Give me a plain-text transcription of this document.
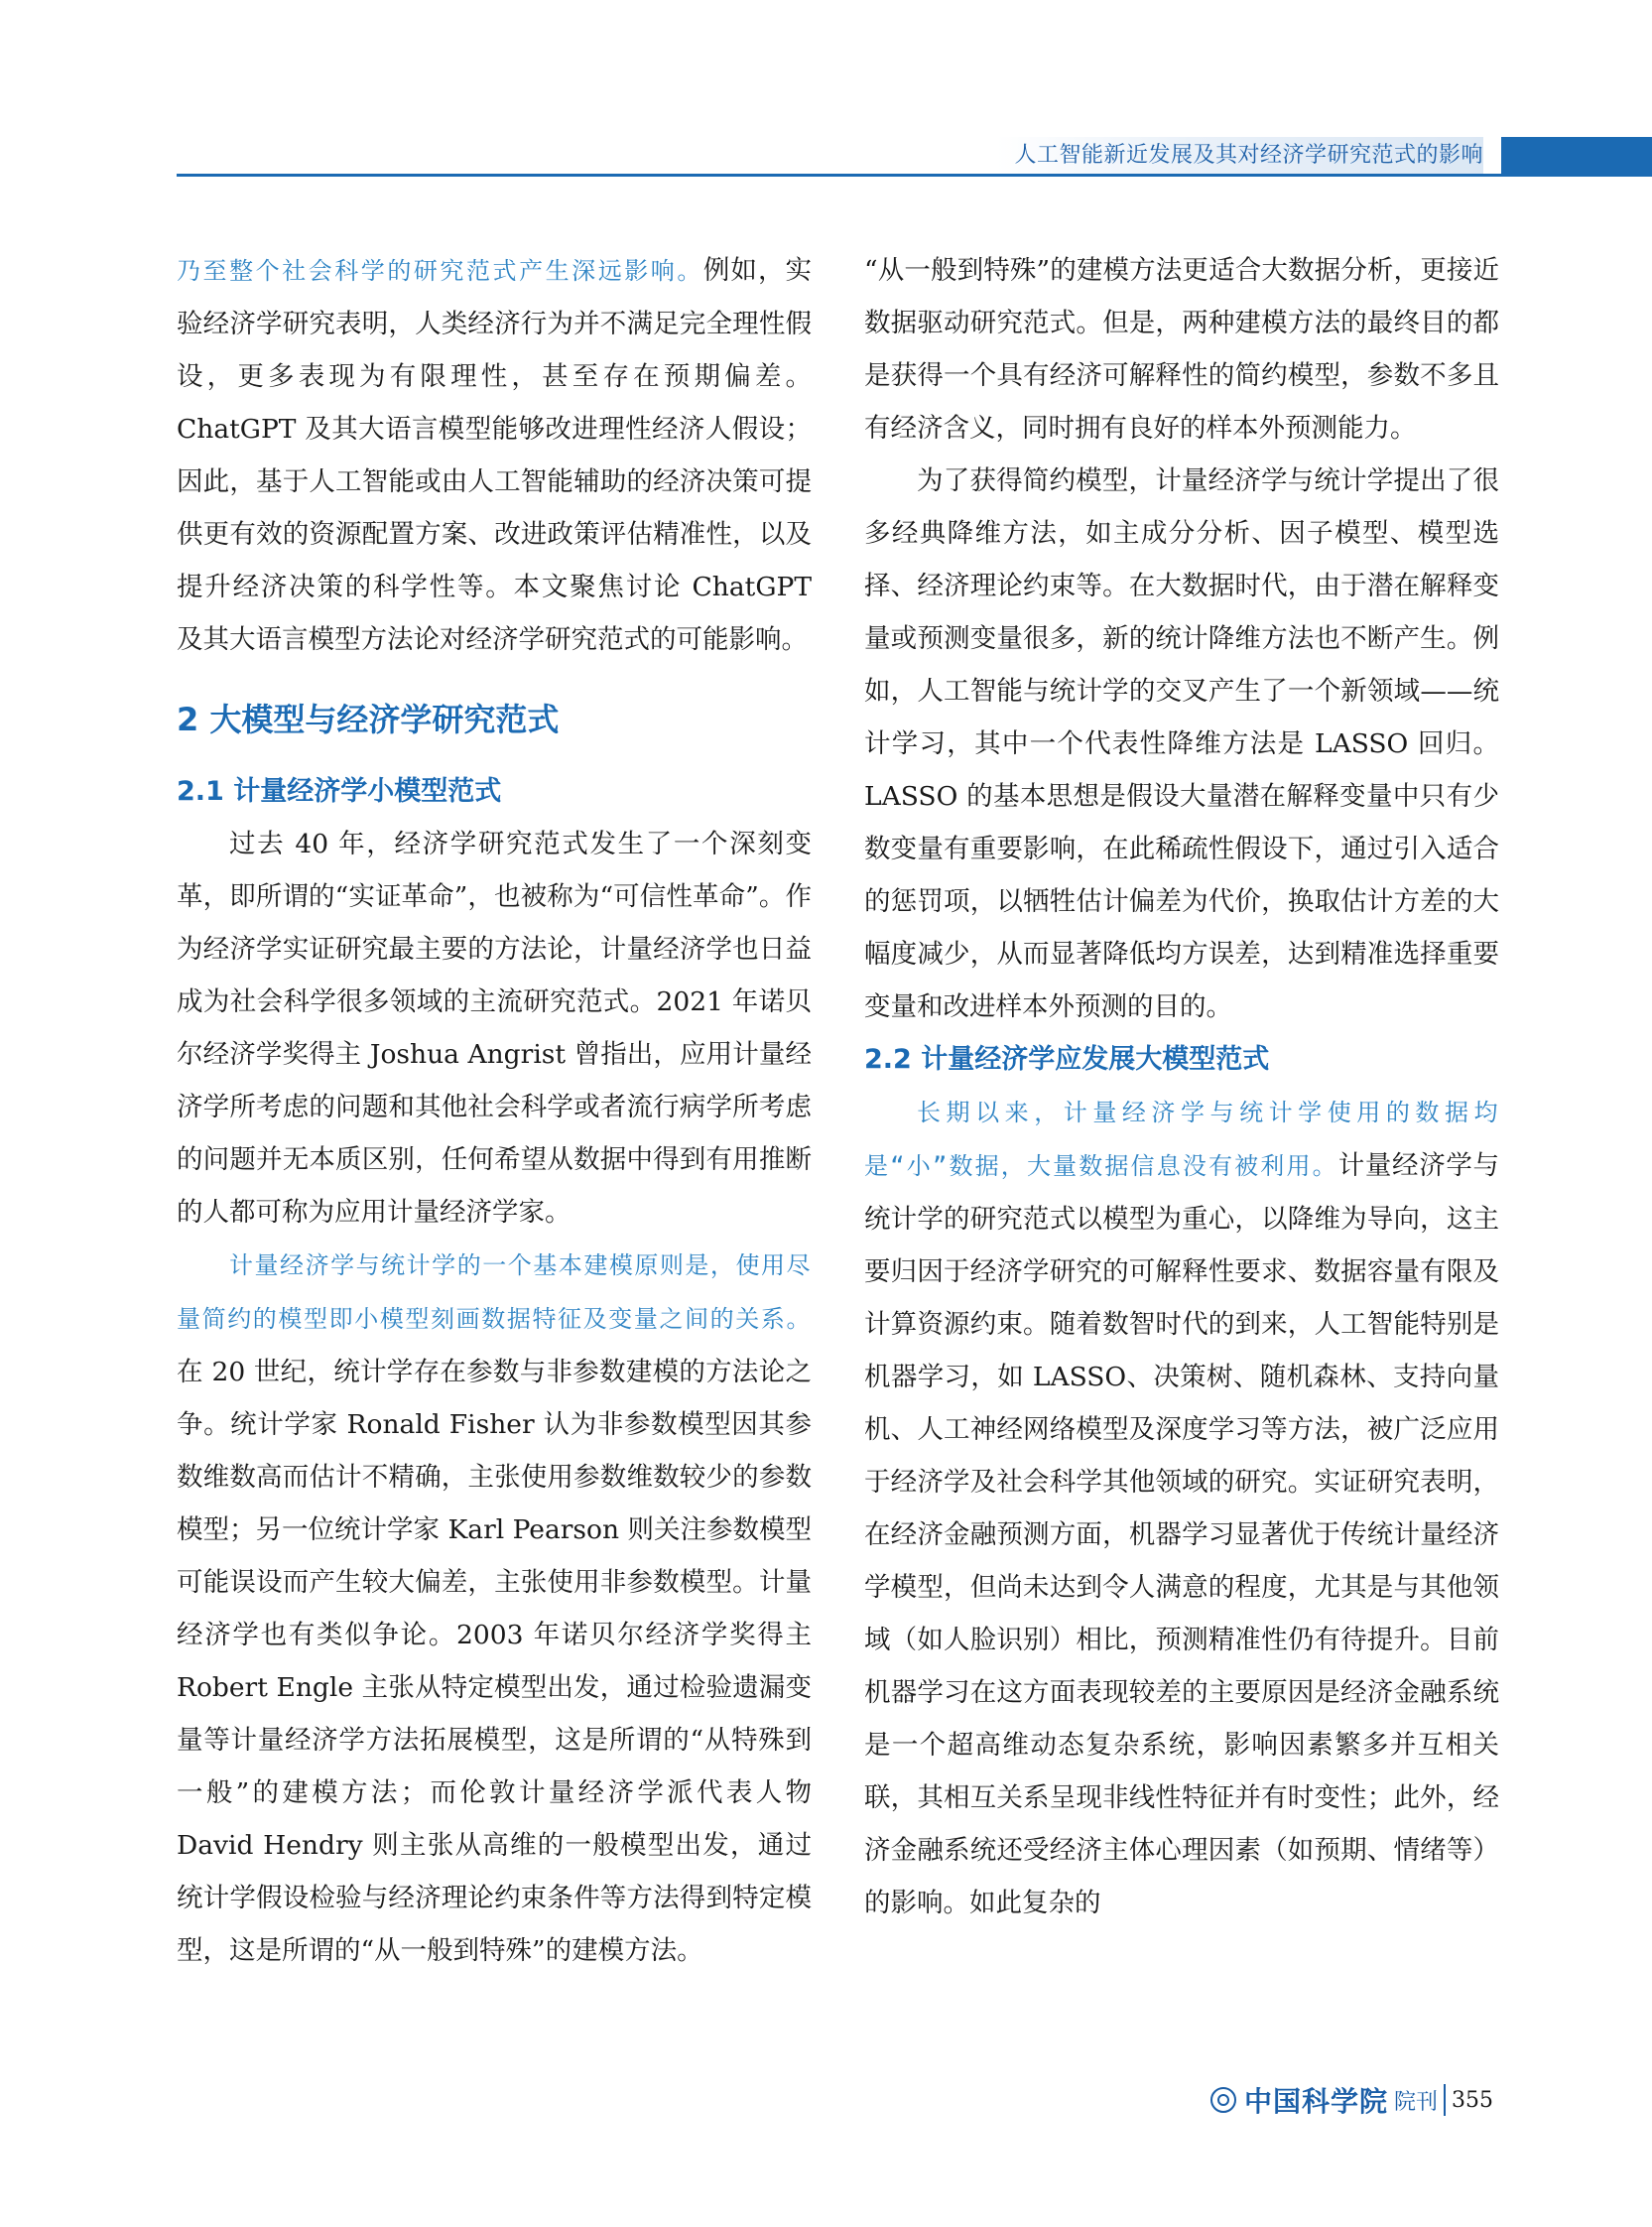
人工智能新近发展及其对经济学研究范式的影响

乃至整个社会科学的研究范式产生深远影响。例如，实验经济学研究表明，人类经济行为并不满足完全理性假设，更多表现为有限理性，甚至存在预期偏差。ChatGPT 及其大语言模型能够改进理性经济人假设；因此，基于人工智能或由人工智能辅助的经济决策可提供更有效的资源配置方案、改进政策评估精准性，以及提升经济决策的科学性等。本文聚焦讨论 ChatGPT 及其大语言模型方法论对经济学研究范式的可能影响。

2 大模型与经济学研究范式
2.1 计量经济学小模型范式

过去 40 年，经济学研究范式发生了一个深刻变革，即所谓的“实证革命”，也被称为“可信性革命”。作为经济学实证研究最主要的方法论，计量经济学也日益成为社会科学很多领域的主流研究范式。2021 年诺贝尔经济学奖得主 Joshua Angrist 曾指出，应用计量经济学所考虑的问题和其他社会科学或者流行病学所考虑的问题并无本质区别，任何希望从数据中得到有用推断的人都可称为应用计量经济学家。

计量经济学与统计学的一个基本建模原则是，使用尽量简约的模型即小模型刻画数据特征及变量之间的关系。在 20 世纪，统计学存在参数与非参数建模的方法论之争。统计学家 Ronald Fisher 认为非参数模型因其参数维数高而估计不精确，主张使用参数维数较少的参数模型；另一位统计学家 Karl Pearson 则关注参数模型可能误设而产生较大偏差，主张使用非参数模型。计量经济学也有类似争论。2003 年诺贝尔经济学奖得主 Robert Engle 主张从特定模型出发，通过检验遗漏变量等计量经济学方法拓展模型，这是所谓的“从特殊到一般”的建模方法；而伦敦计量经济学派代表人物 David Hendry 则主张从高维的一般模型出发，通过统计学假设检验与经济理论约束条件等方法得到特定模型，这是所谓的“从一般到特殊”的建模方法。

“从一般到特殊”的建模方法更适合大数据分析，更接近数据驱动研究范式。但是，两种建模方法的最终目的都是获得一个具有经济可解释性的简约模型，参数不多且有经济含义，同时拥有良好的样本外预测能力。

为了获得简约模型，计量经济学与统计学提出了很多经典降维方法，如主成分分析、因子模型、模型选择、经济理论约束等。在大数据时代，由于潜在解释变量或预测变量很多，新的统计降维方法也不断产生。例如，人工智能与统计学的交叉产生了一个新领域——统计学习，其中一个代表性降维方法是 LASSO 回归。LASSO 的基本思想是假设大量潜在解释变量中只有少数变量有重要影响，在此稀疏性假设下，通过引入适合的惩罚项，以牺牲估计偏差为代价，换取估计方差的大幅度减少，从而显著降低均方误差，达到精准选择重要变量和改进样本外预测的目的。

2.2 计量经济学应发展大模型范式

长期以来，计量经济学与统计学使用的数据均是“小”数据，大量数据信息没有被利用。计量经济学与统计学的研究范式以模型为重心，以降维为导向，这主要归因于经济学研究的可解释性要求、数据容量有限及计算资源约束。随着数智时代的到来，人工智能特别是机器学习，如 LASSO、决策树、随机森林、支持向量机、人工神经网络模型及深度学习等方法，被广泛应用于经济学及社会科学其他领域的研究。实证研究表明，在经济金融预测方面，机器学习显著优于传统计量经济学模型，但尚未达到令人满意的程度，尤其是与其他领域（如人脸识别）相比，预测精准性仍有待提升。目前机器学习在这方面表现较差的主要原因是经济金融系统是一个超高维动态复杂系统，影响因素繁多并互相关联，其相互关系呈现非线性特征并有时变性；此外，经济金融系统还受经济主体心理因素（如预期、情绪等）的影响。如此复杂的

中国科学院 院刊 355
